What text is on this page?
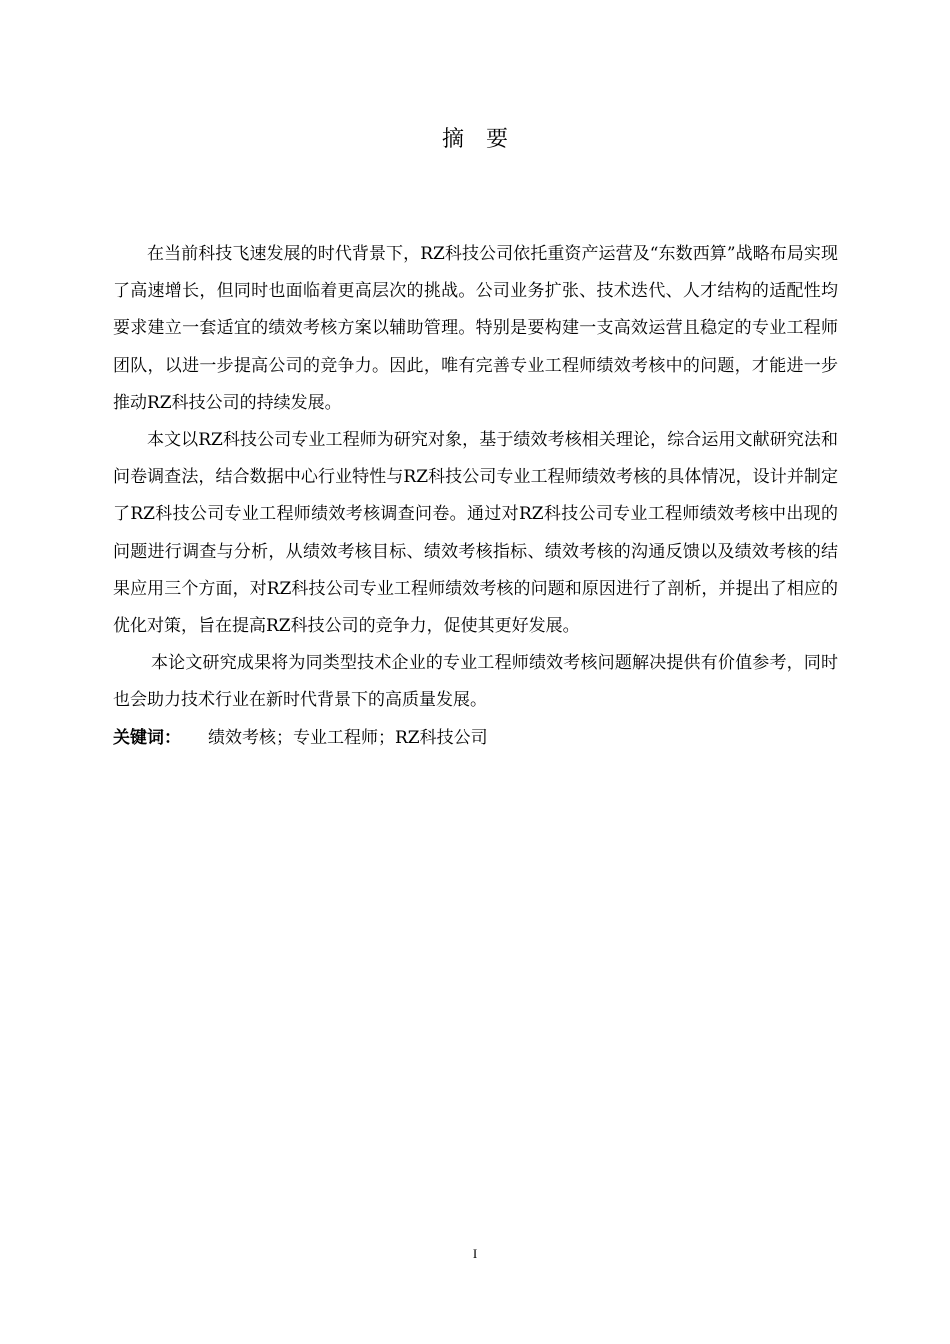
摘要

在当前科技飞速发展的时代背景下，RZ科技公司依托重资产运营及“东数西算”战略布局实现了高速增长，但同时也面临着更高层次的挑战。公司业务扩张、技术迭代、人才结构的适配性均要求建立一套适宜的绩效考核方案以辅助管理。特别是要构建一支高效运营且稳定的专业工程师团队，以进一步提高公司的竞争力。因此，唯有完善专业工程师绩效考核中的问题，才能进一步推动RZ科技公司的持续发展。

本文以RZ科技公司专业工程师为研究对象，基于绩效考核相关理论，综合运用文献研究法和问卷调查法，结合数据中心行业特性与RZ科技公司专业工程师绩效考核的具体情况，设计并制定了RZ科技公司专业工程师绩效考核调查问卷。通过对RZ科技公司专业工程师绩效考核中出现的问题进行调查与分析，从绩效考核目标、绩效考核指标、绩效考核的沟通反馈以及绩效考核的结果应用三个方面，对RZ科技公司专业工程师绩效考核的问题和原因进行了剖析，并提出了相应的优化对策，旨在提高RZ科技公司的竞争力，促使其更好发展。

本论文研究成果将为同类型技术企业的专业工程师绩效考核问题解决提供有价值参考，同时也会助力技术行业在新时代背景下的高质量发展。

关键词： 绩效考核；专业工程师；RZ科技公司

I
